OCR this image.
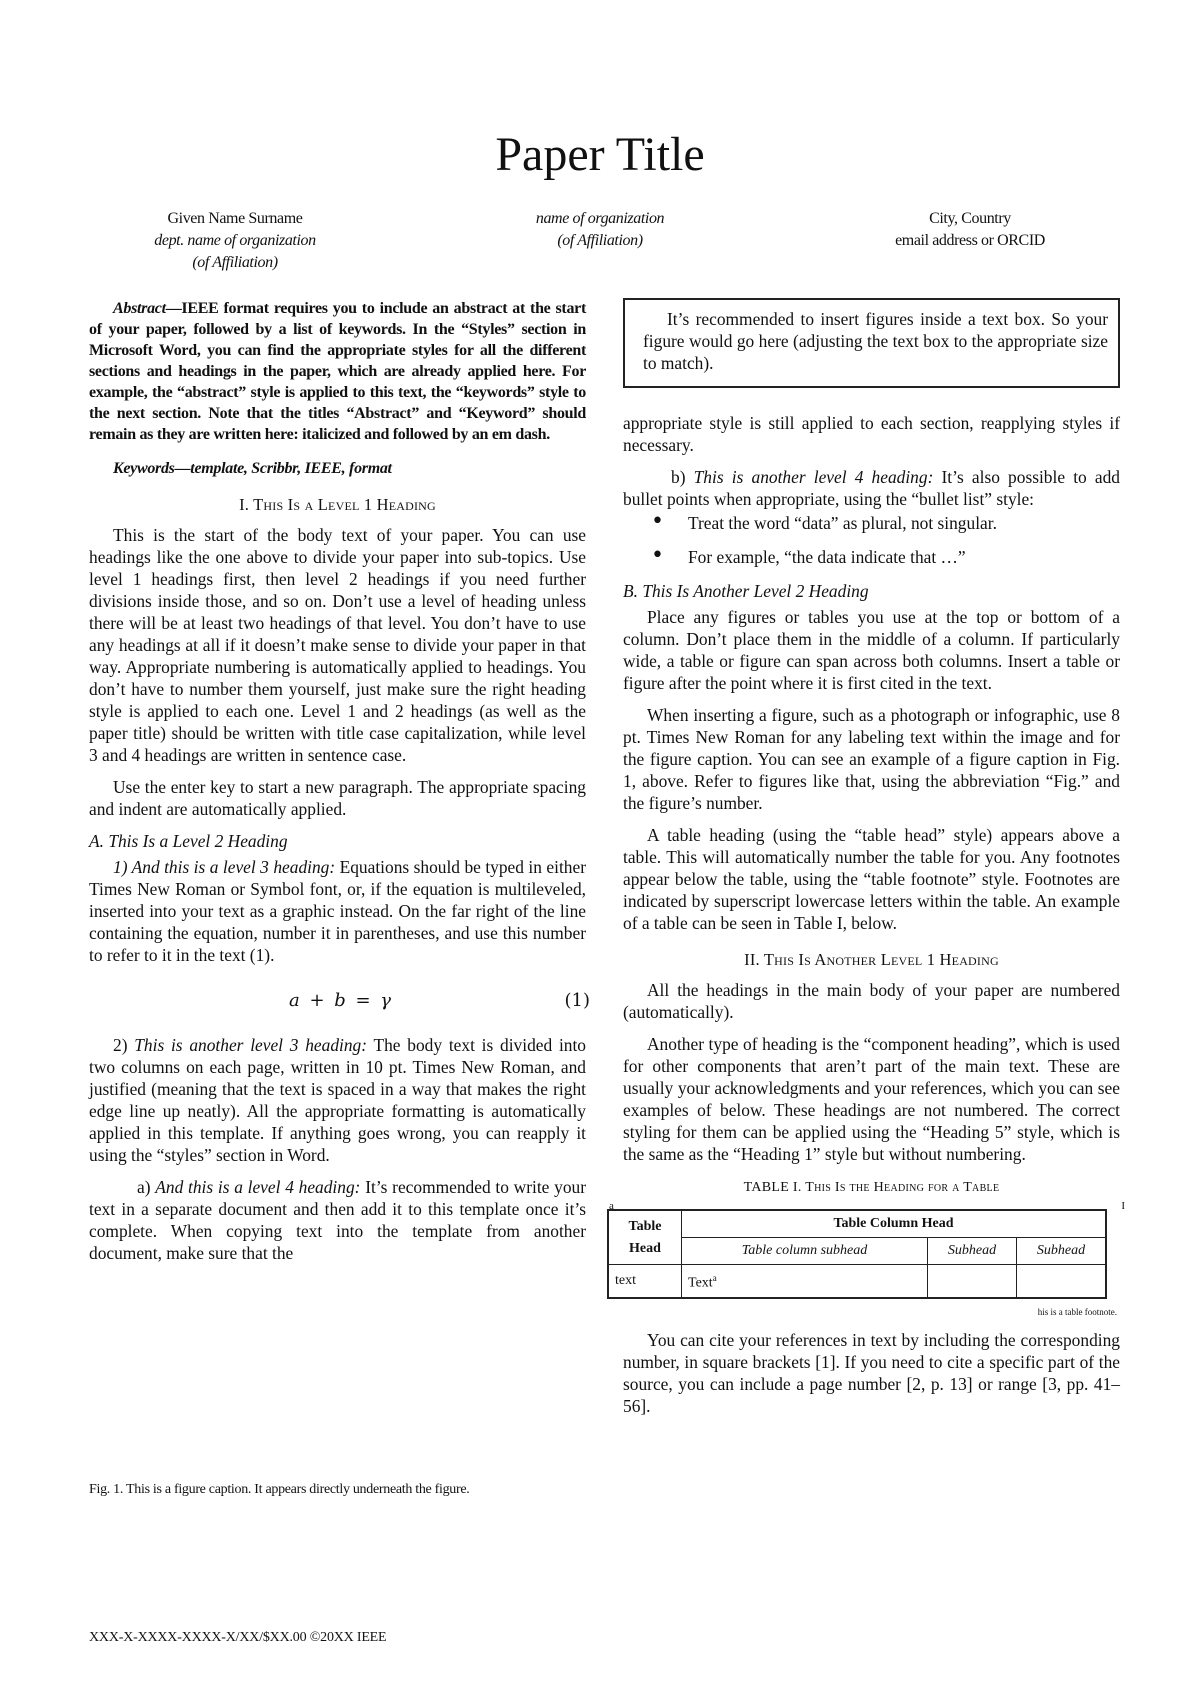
Paper Title
Given Name Surname
dept. name of organization
(of Affiliation)
name of organization
(of Affiliation)
City, Country
email address or ORCID

Abstract—IEEE format requires you to include an abstract at the start of your paper, followed by a list of keywords. In the “Styles” section in Microsoft Word, you can find the appropriate styles for all the different sections and headings in the paper, which are already applied here. For example, the “abstract” style is applied to this text, the “keywords” style to the next section. Note that the titles “Abstract” and “Keyword” should remain as they are written here: italicized and followed by an em dash.

Keywords—template, Scribbr, IEEE, format

I. This Is a Level 1 Heading

This is the start of the body text of your paper. You can use headings like the one above to divide your paper into sub-topics. Use level 1 headings first, then level 2 headings if you need further divisions inside those, and so on. Don’t use a level of heading unless there will be at least two headings of that level. You don’t have to use any headings at all if it doesn’t make sense to divide your paper in that way. Appropriate numbering is automatically applied to headings. You don’t have to number them yourself, just make sure the right heading style is applied to each one. Level 1 and 2 headings (as well as the paper title) should be written with title case capitalization, while level 3 and 4 headings are written in sentence case.

Use the enter key to start a new paragraph. The appropriate spacing and indent are automatically applied.

A. This Is a Level 2 Heading

1) And this is a level 3 heading: Equations should be typed in either Times New Roman or Symbol font, or, if the equation is multileveled, inserted into your text as a graphic instead. On the far right of the line containing the equation, number it in parentheses, and use this number to refer to it in the text (1).

a + b = γ	(1)

2) This is another level 3 heading: The body text is divided into two columns on each page, written in 10 pt. Times New Roman, and justified (meaning that the text is spaced in a way that makes the right edge line up neatly). All the appropriate formatting is automatically applied in this template. If anything goes wrong, you can reapply it using the “styles” section in Word.

a) And this is a level 4 heading: It’s recommended to write your text in a separate document and then add it to this template once it’s complete. When copying text into the template from another document, make sure that the

Fig. 1. This is a figure caption. It appears directly underneath the figure.

It’s recommended to insert figures inside a text box. So your figure would go here (adjusting the text box to the appropriate size to match).

appropriate style is still applied to each section, reapplying styles if necessary.

b) This is another level 4 heading: It’s also possible to add bullet points when appropriate, using the “bullet list” style:

• Treat the word “data” as plural, not singular.
• For example, “the data indicate that …”
B. This Is Another Level 2 Heading

Place any figures or tables you use at the top or bottom of a column. Don’t place them in the middle of a column. If particularly wide, a table or figure can span across both columns. Insert a table or figure after the point where it is first cited in the text.

When inserting a figure, such as a photograph or infographic, use 8 pt. Times New Roman for any labeling text within the image and for the figure caption. You can see an example of a figure caption in Fig. 1, above. Refer to figures like that, using the abbreviation “Fig.” and the figure’s number.

A table heading (using the “table head” style) appears above a table. This will automatically number the table for you. Any footnotes appear below the table, using the “table footnote” style. Footnotes are indicated by superscript lowercase letters within the table. An example of a table can be seen in Table I, below.

II. This Is Another Level 1 Heading

All the headings in the main body of your paper are numbered (automatically).

Another type of heading is the “component heading”, which is used for other components that aren’t part of the main text. These are usually your acknowledgments and your references, which you can see examples of below. These headings are not numbered. The correct styling for them can be applied using the “Heading 5” style, which is the same as the “Heading 1” style but without numbering.

TABLE I. This Is the Heading for a Table
a	I
Table Head	Table Column Head		
	Table column subhead	Subhead	Subhead
text	Text$^a$		
his is a table footnote.

You can cite your references in text by including the corresponding number, in square brackets [1]. If you need to cite a specific part of the source, you can include a page number [2, p. 13] or range [3, pp. 41–56].

XXX-X-XXXX-XXXX-X/XX/$XX.00 ©20XX IEEE
